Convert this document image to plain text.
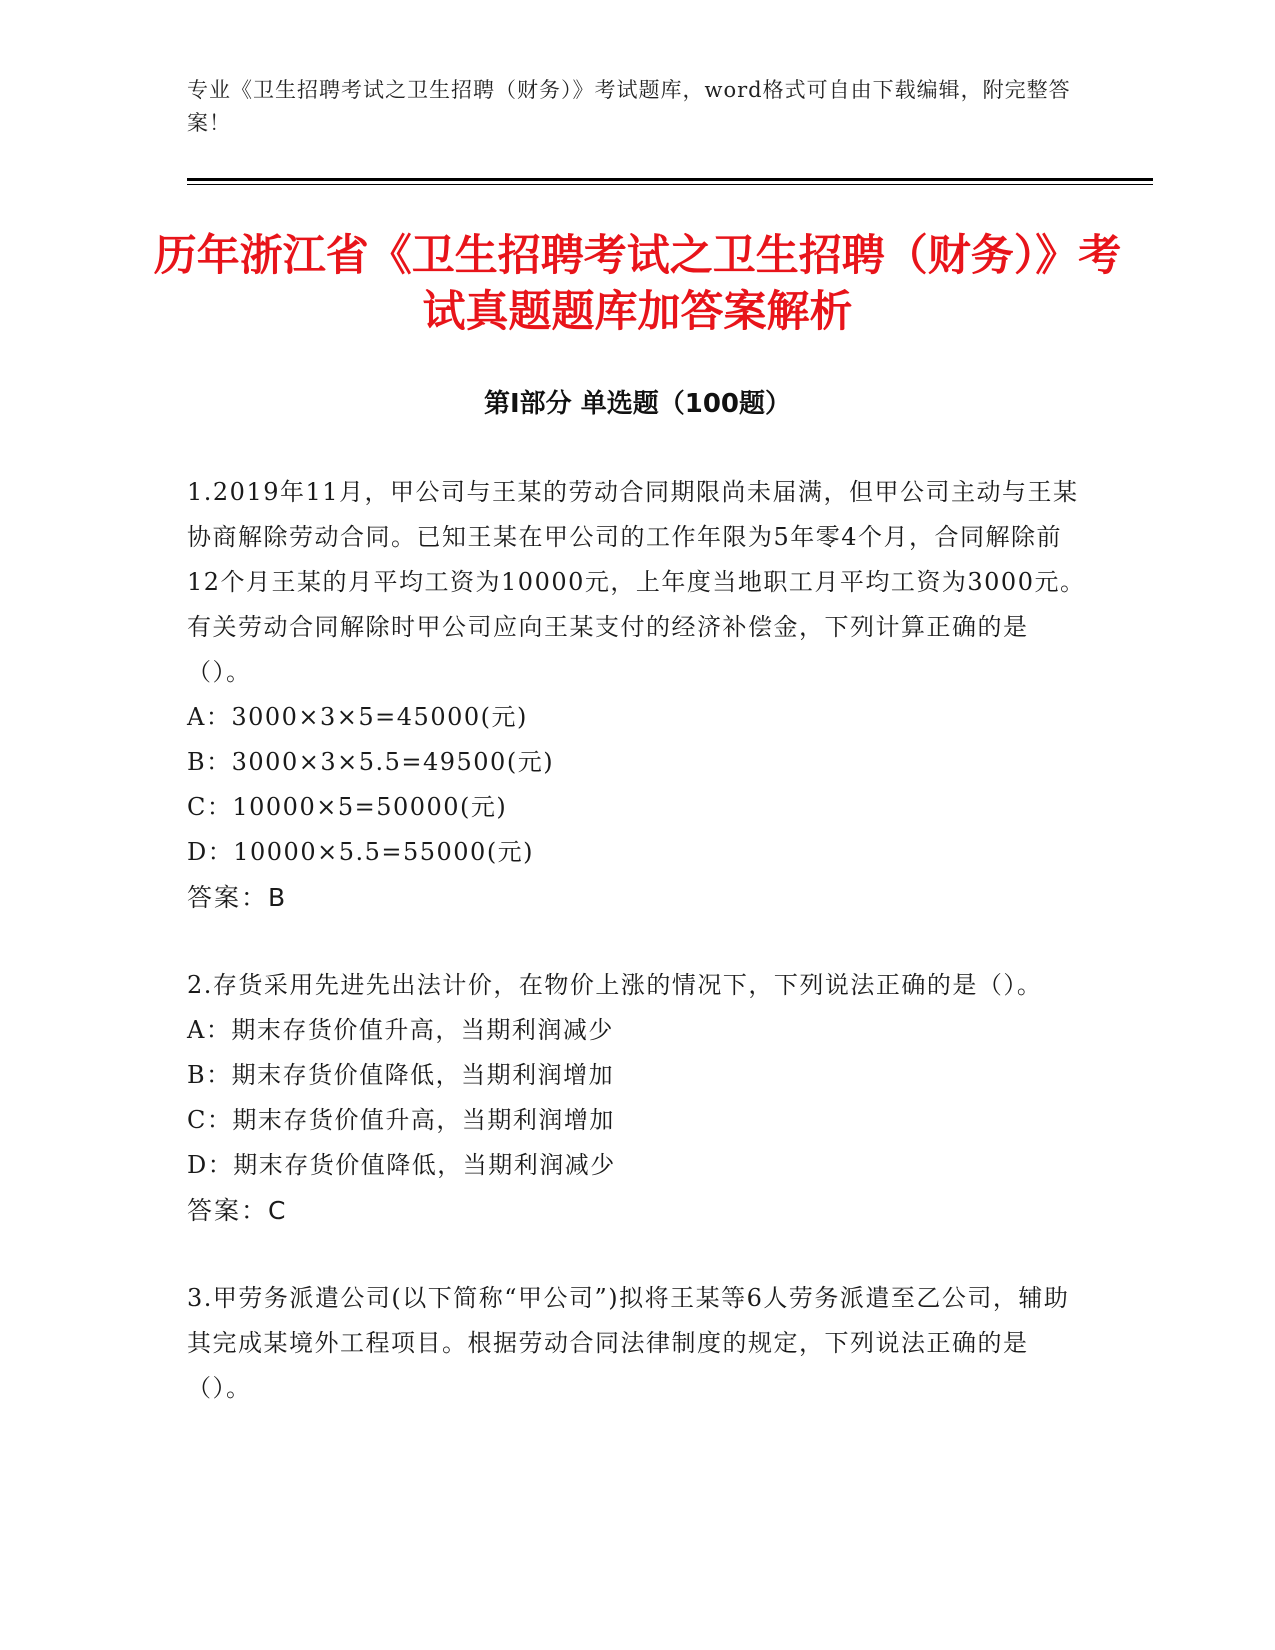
专业《卫生招聘考试之卫生招聘（财务）》考试题库，word格式可自由下载编辑，附完整答案！
历年浙江省《卫生招聘考试之卫生招聘（财务）》考试真题题库加答案解析
第Ⅰ部分 单选题（100题）

1.2019年11月，甲公司与王某的劳动合同期限尚未届满，但甲公司主动与王某协商解除劳动合同。已知王某在甲公司的工作年限为5年零4个月，合同解除前12个月王某的月平均工资为10000元，上年度当地职工月平均工资为3000元。有关劳动合同解除时甲公司应向王某支付的经济补偿金，下列计算正确的是（）。

A：3000×3×5=45000(元)

B：3000×3×5.5=49500(元)

C：10000×5=50000(元)

D：10000×5.5=55000(元)

答案：B

2.存货采用先进先出法计价，在物价上涨的情况下，下列说法正确的是（）。

A：期末存货价值升高，当期利润减少

B：期末存货价值降低，当期利润增加

C：期末存货价值升高，当期利润增加

D：期末存货价值降低，当期利润减少

答案：C

3.甲劳务派遣公司(以下简称“甲公司”)拟将王某等6人劳务派遣至乙公司，辅助其完成某境外工程项目。根据劳动合同法律制度的规定，下列说法正确的是（）。
